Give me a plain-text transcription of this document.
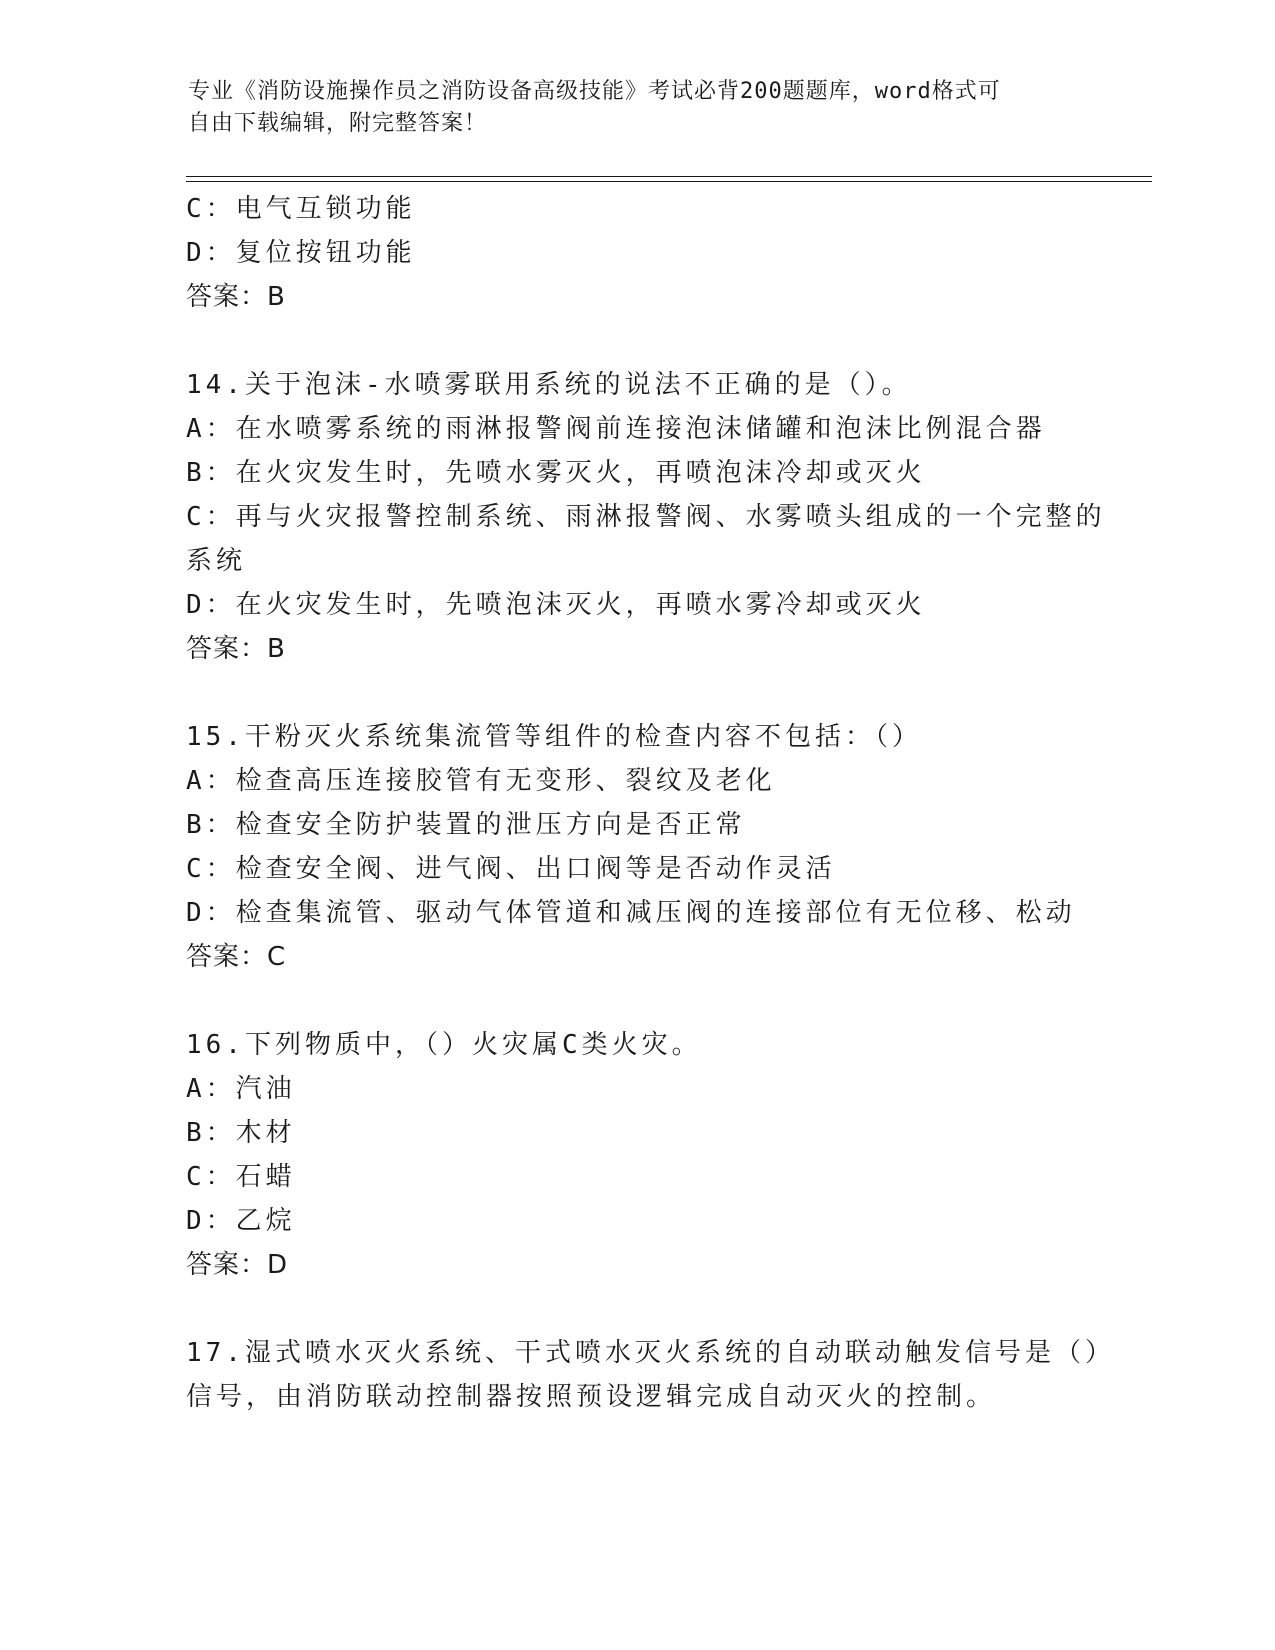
专业《消防设施操作员之消防设备高级技能》考试必背200题题库，word格式可
自由下载编辑，附完整答案！
C：电气互锁功能
D：复位按钮功能
答案：B
14.关于泡沫-水喷雾联用系统的说法不正确的是（）。
A：在水喷雾系统的雨淋报警阀前连接泡沫储罐和泡沫比例混合器
B：在火灾发生时，先喷水雾灭火，再喷泡沫冷却或灭火
C：再与火灾报警控制系统、雨淋报警阀、水雾喷头组成的一个完整的
系统
D：在火灾发生时，先喷泡沫灭火，再喷水雾冷却或灭火
答案：B
15.干粉灭火系统集流管等组件的检查内容不包括：（）
A：检查高压连接胶管有无变形、裂纹及老化
B：检查安全防护装置的泄压方向是否正常
C：检查安全阀、进气阀、出口阀等是否动作灵活
D：检查集流管、驱动气体管道和减压阀的连接部位有无位移、松动
答案：C
16.下列物质中，（）火灾属C类火灾。
A：汽油
B：木材
C：石蜡
D：乙烷
答案：D
17.湿式喷水灭火系统、干式喷水灭火系统的自动联动触发信号是（）
信号，由消防联动控制器按照预设逻辑完成自动灭火的控制。
